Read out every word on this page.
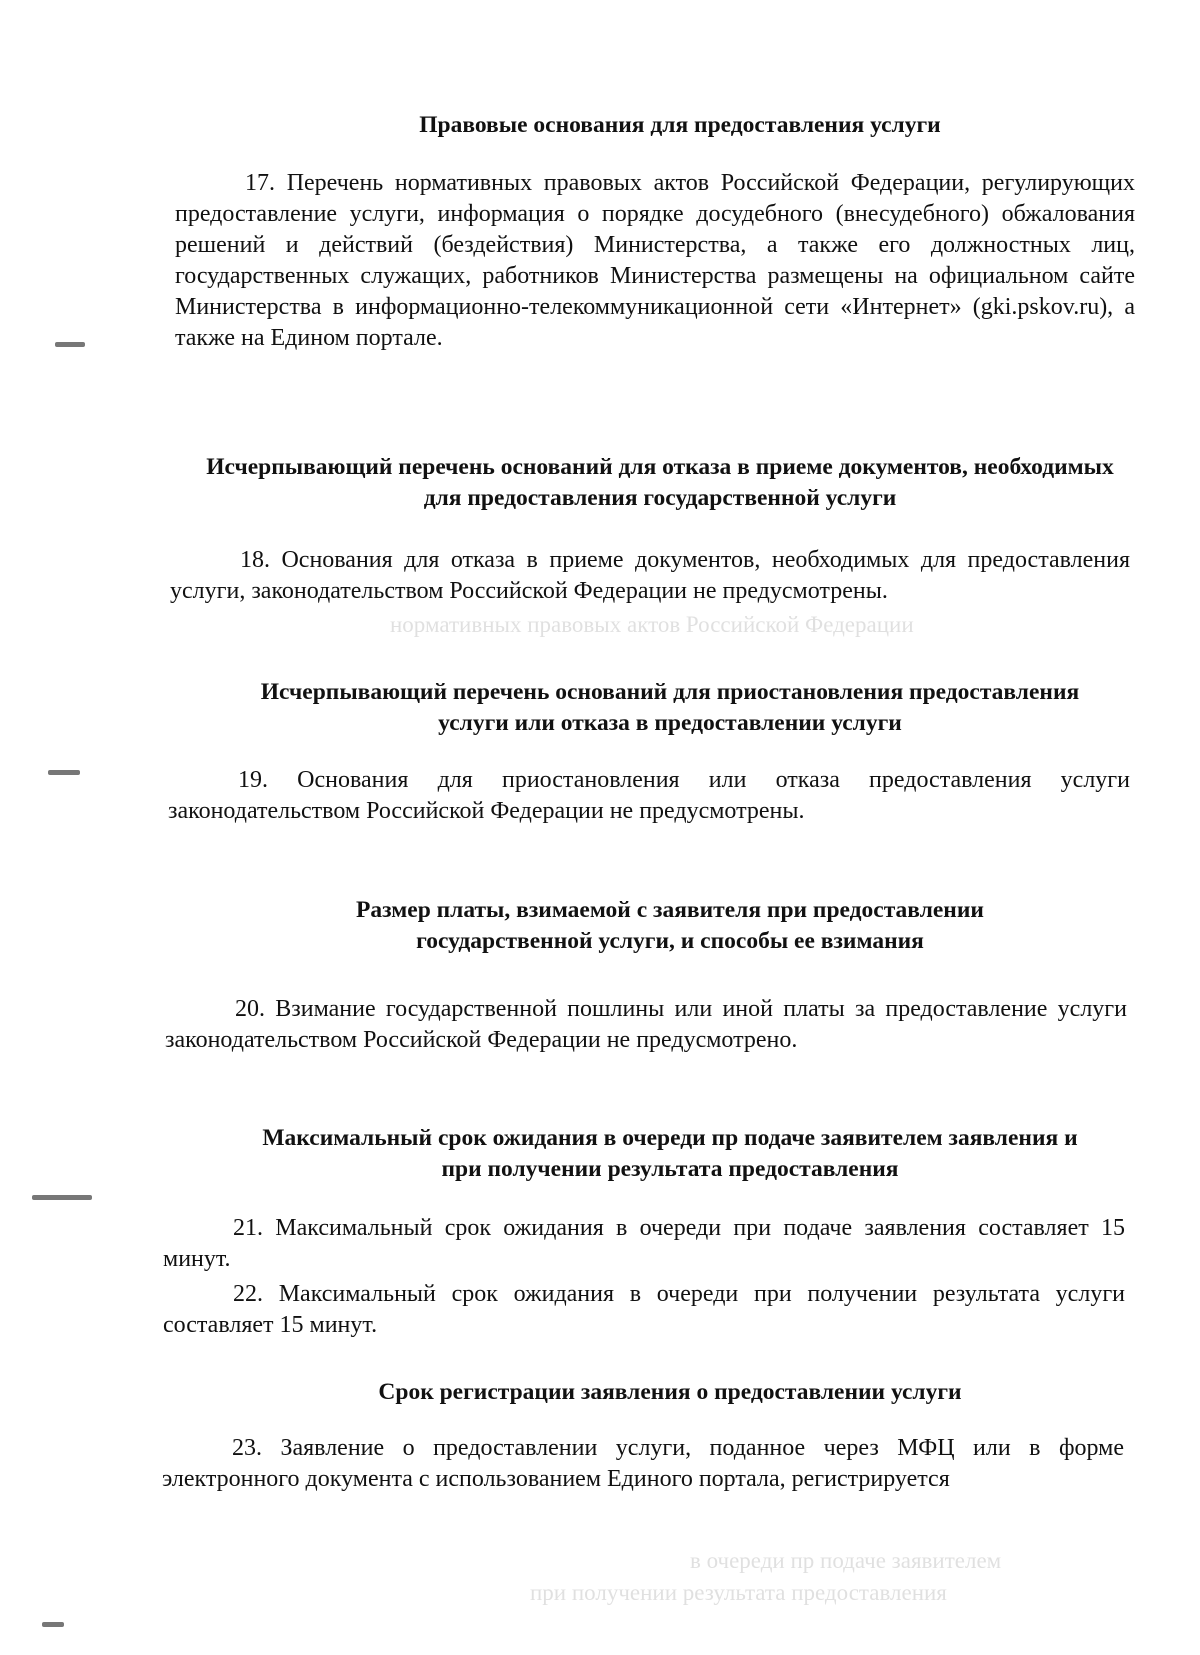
нормативных правовых актов Российской Федерации
в очереди пр подаче заявителем
при получении результата предоставления
Правовые основания для предоставления услуги
17. Перечень нормативных правовых актов Российской Федерации, регулирующих предоставление услуги, информация о порядке досудебного (внесудебного) обжалования решений и действий (бездействия) Министерства, а также его должностных лиц, государственных служащих, работников Министерства размещены на официальном сайте Министерства в информационно-телекоммуникационной сети «Интернет» (gki.pskov.ru), а также на Едином портале.
Исчерпывающий перечень оснований для отказа в приеме документов, необходимых для предоставления государственной услуги
18. Основания для отказа в приеме документов, необходимых для предоставления услуги, законодательством Российской Федерации не предусмотрены.
Исчерпывающий перечень оснований для приостановления предоставления услуги или отказа в предоставлении услуги
19. Основания для приостановления или отказа предоставления услуги законодательством Российской Федерации не предусмотрены.
Размер платы, взимаемой с заявителя при предоставлении государственной услуги, и способы ее взимания
20. Взимание государственной пошлины или иной платы за предоставление услуги законодательством Российской Федерации не предусмотрено.
Максимальный срок ожидания в очереди пр подаче заявителем заявления и при получении результата предоставления
21. Максимальный срок ожидания в очереди при подаче заявления составляет 15 минут.
22. Максимальный срок ожидания в очереди при получении результата услуги составляет 15 минут.
Срок регистрации заявления о предоставлении услуги
23. Заявление о предоставлении услуги, поданное через МФЦ или в форме электронного документа с использованием Единого портала, регистрируется
